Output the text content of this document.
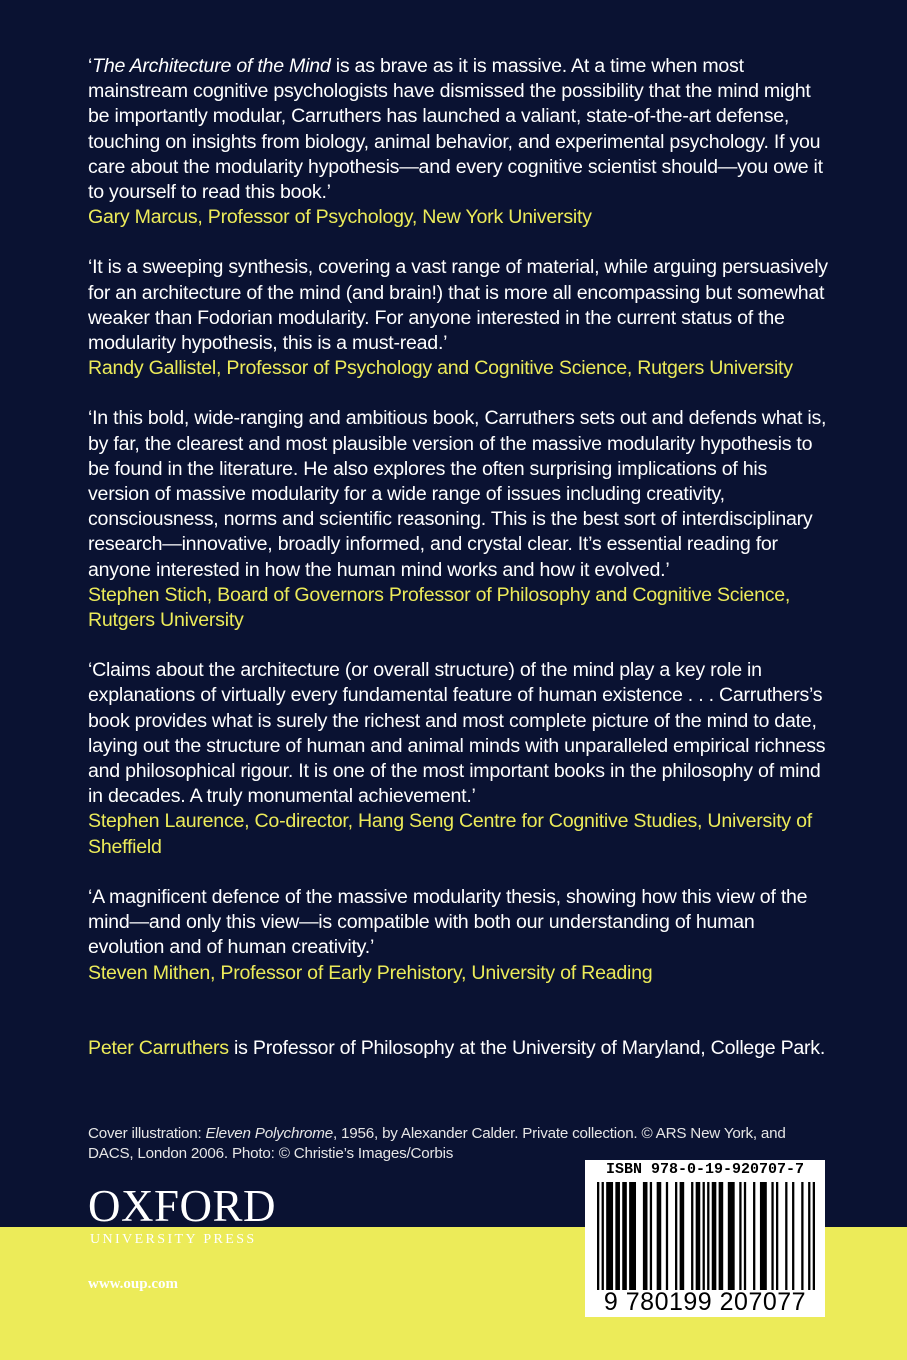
‘The Architecture of the Mind is as brave as it is massive. At a time when most mainstream cognitive psychologists have dismissed the possibility that the mind might be importantly modular, Carruthers has launched a valiant, state-of-the-art defense, touching on insights from biology, animal behavior, and experimental psychology. If you care about the modularity hypothesis—and every cognitive scientist should—you owe it to yourself to read this book.’

Gary Marcus, Professor of Psychology, New York University

‘It is a sweeping synthesis, covering a vast range of material, while arguing persuasively for an architecture of the mind (and brain!) that is more all encompassing but somewhat weaker than Fodorian modularity. For anyone interested in the current status of the modularity hypothesis, this is a must-read.’

Randy Gallistel, Professor of Psychology and Cognitive Science, Rutgers University

‘In this bold, wide-ranging and ambitious book, Carruthers sets out and defends what is, by far, the clearest and most plausible version of the massive modularity hypothesis to be found in the literature. He also explores the often surprising implications of his version of massive modularity for a wide range of issues including creativity, consciousness, norms and scientific reasoning. This is the best sort of interdisciplinary research—innovative, broadly informed, and crystal clear. It’s essential reading for anyone interested in how the human mind works and how it evolved.’

Stephen Stich, Board of Governors Professor of Philosophy and Cognitive Science, Rutgers University

‘Claims about the architecture (or overall structure) of the mind play a key role in explanations of virtually every fundamental feature of human existence . . . Carruthers’s book provides what is surely the richest and most complete picture of the mind to date, laying out the structure of human and animal minds with unparalleled empirical richness and philosophical rigour. It is one of the most important books in the philosophy of mind in decades. A truly monumental achievement.’

Stephen Laurence, Co-director, Hang Seng Centre for Cognitive Studies, University of Sheffield

‘A magnificent defence of the massive modularity thesis, showing how this view of the mind—and only this view—is compatible with both our understanding of human evolution and of human creativity.’

Steven Mithen, Professor of Early Prehistory, University of Reading

Peter Carruthers is Professor of Philosophy at the University of Maryland, College Park.
Cover illustration: Eleven Polychrome, 1956, by Alexander Calder. Private collection. © ARS New York, and DACS, London 2006. Photo: © Christie’s Images/Corbis
OXFORD
UNIVERSITY PRESS
www.oup.com
ISBN 978-0-19-920707-7
9 780199 207077
